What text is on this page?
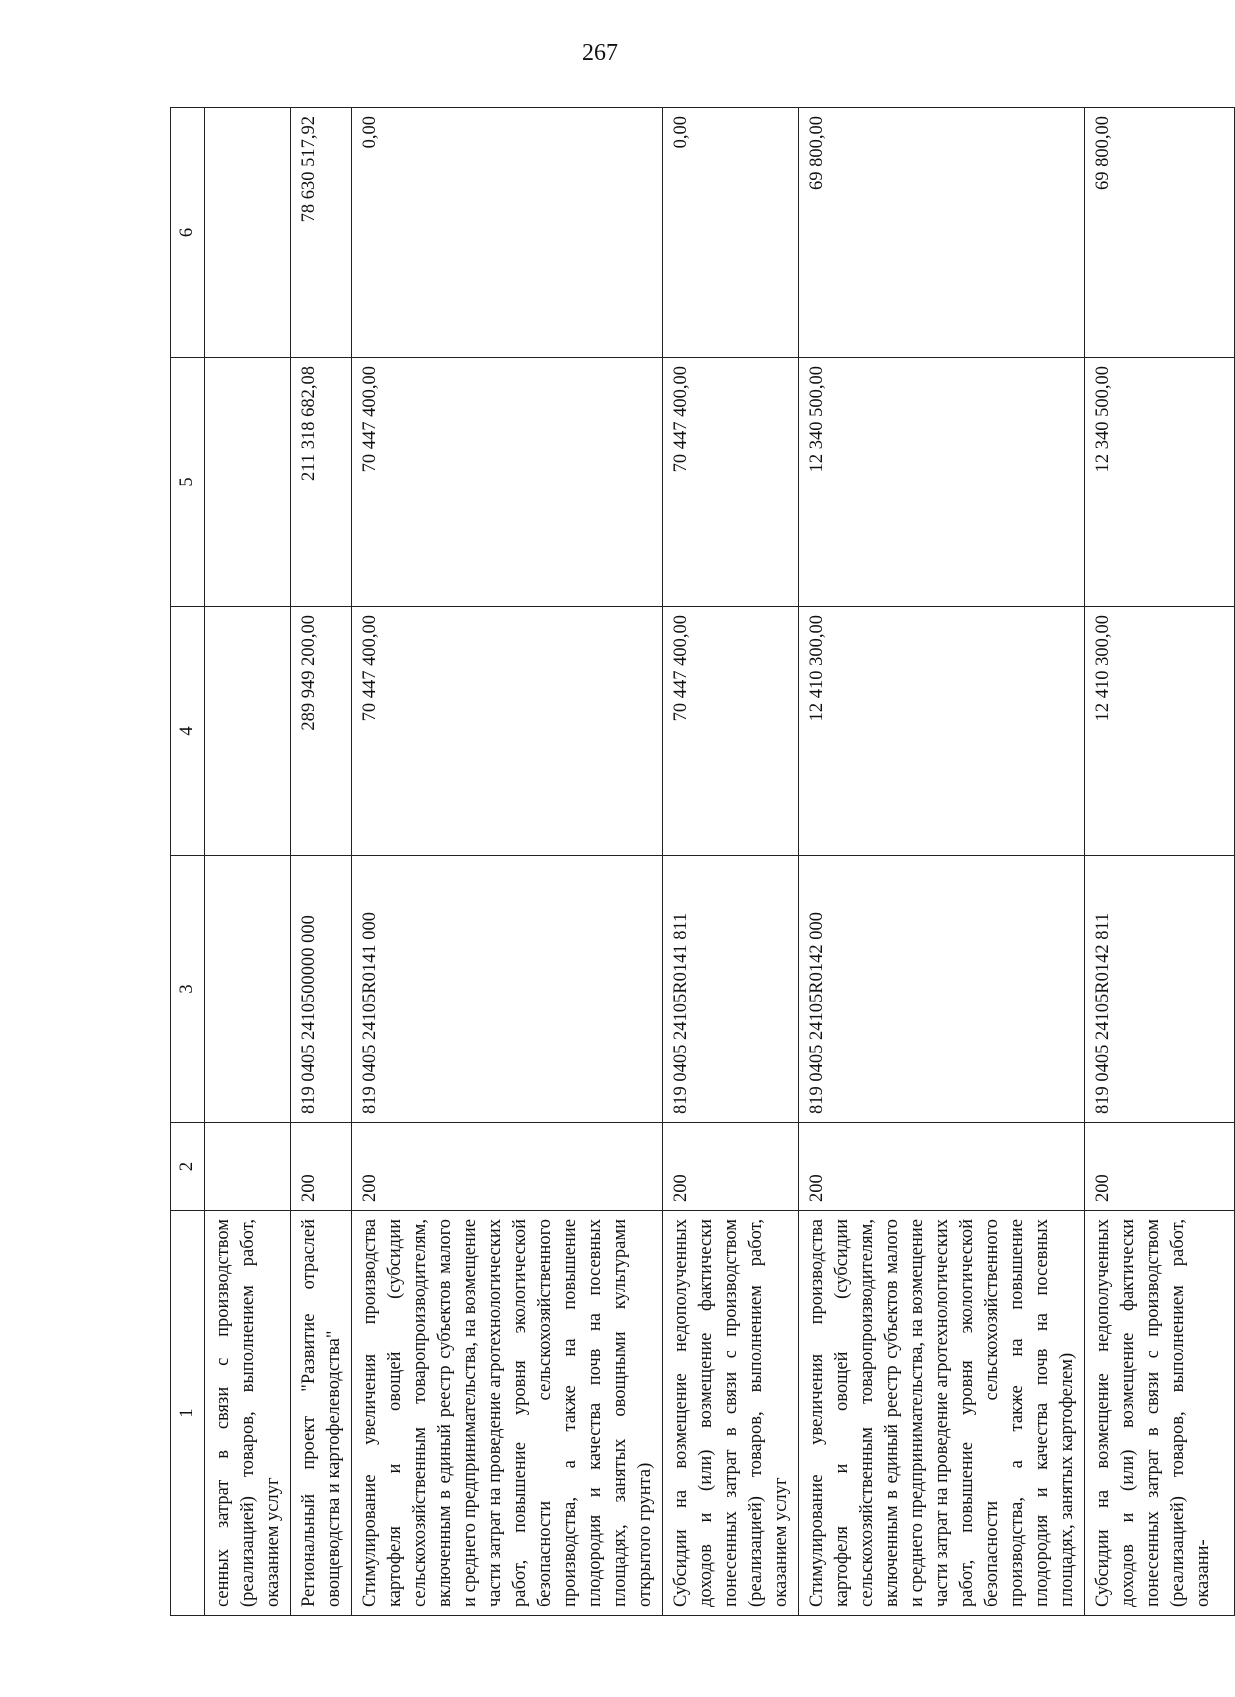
267
1	2	3	4	5	6
сенных затрат в связи с производством (реализацией) товаров, выполнением работ, оказанием услуг					
Региональный проект "Развитие отраслей овощеводства и картофелеводства"	200	819 0405 2410500000 000	289 949 200,00	211 318 682,08	78 630 517,92
Стимулирование увеличения производства картофеля и овощей (субсидии сельскохозяйственным товаропроизводителям, включенным в единый реестр субъектов малого и среднего предпринимательства, на возмещение части затрат на проведение агротехнологических работ, повышение уровня экологической безопасности сельскохозяйственного производства, а также на повышение плодородия и качества почв на посевных площадях, занятых овощными культурами открытого грунта)	200	819 0405 24105R0141 000	70 447 400,00	70 447 400,00	0,00
Субсидии на возмещение недополученных доходов и (или) возмещение фактически понесенных затрат в связи с производством (реализацией) товаров, выполнением работ, оказанием услуг	200	819 0405 24105R0141 811	70 447 400,00	70 447 400,00	0,00
Стимулирование увеличения производства картофеля и овощей (субсидии сельскохозяйственным товаропроизводителям, включенным в единый реестр субъектов малого и среднего предпринимательства, на возмещение части затрат на проведение агротехнологических работ, повышение уровня экологической безопасности сельскохозяйственного производства, а также на повышение плодородия и качества почв на посевных площадях, занятых картофелем)	200	819 0405 24105R0142 000	12 410 300,00	12 340 500,00	69 800,00
Субсидии на возмещение недополученных доходов и (или) возмещение фактически понесенных затрат в связи с производством (реализацией) товаров, выполнением работ, оказани-	200	819 0405 24105R0142 811	12 410 300,00	12 340 500,00	69 800,00
